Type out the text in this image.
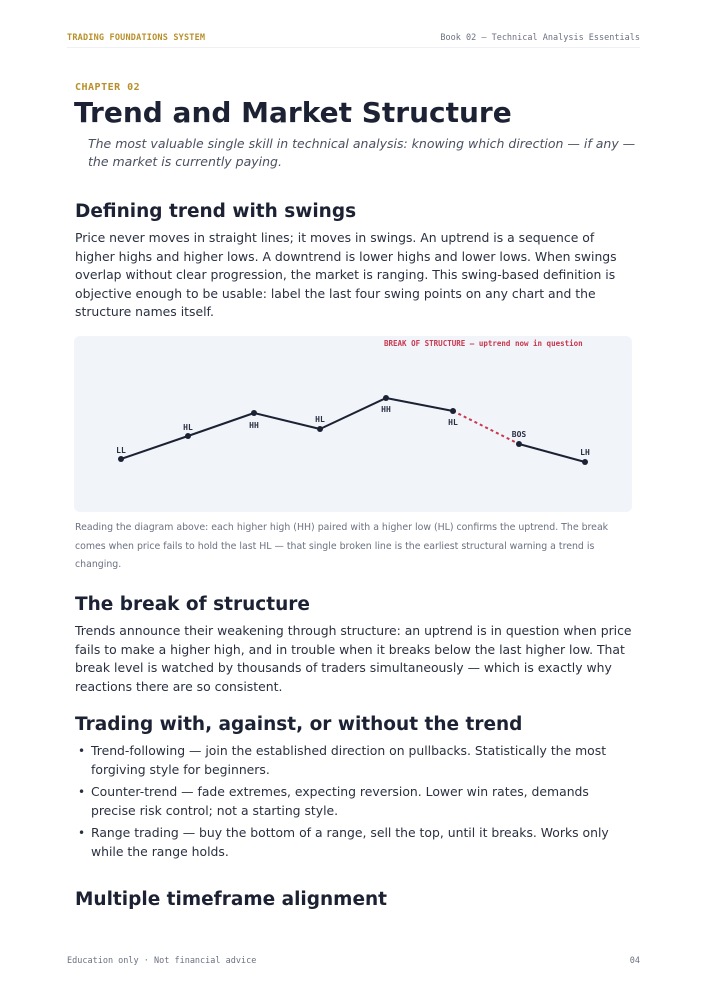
TRADING FOUNDATIONS SYSTEM	Book 02 — Technical Analysis Essentials
CHAPTER 02
Trend and Market Structure

The most valuable single skill in technical analysis: knowing which direction — if any — the market is currently paying.

Defining trend with swings

Price never moves in straight lines; it moves in swings. An uptrend is a sequence of higher highs and higher lows. A downtrend is lower highs and lower lows. When swings overlap without clear progression, the market is ranging. This swing-based definition is objective enough to be usable: label the last four swing points on any chart and the structure names itself.

LL
HL	HH
HL
HH
HL
BOS
LH
BREAK OF STRUCTURE — uptrend now in question

Reading the diagram above: each higher high (HH) paired with a higher low (HL) confirms the uptrend. The break comes when price fails to hold the last HL — that single broken line is the earliest structural warning a trend is changing.

The break of structure

Trends announce their weakening through structure: an uptrend is in question when price fails to make a higher high, and in trouble when it breaks below the last higher low. That break level is watched by thousands of traders simultaneously — which is exactly why reactions there are so consistent.

Trading with, against, or without the trend
• Trend-following — join the established direction on pullbacks. Statistically the most forgiving style for beginners.
• Counter-trend — fade extremes, expecting reversion. Lower win rates, demands precise risk control; not a starting style.
• Range trading — buy the bottom of a range, sell the top, until it breaks. Works only while the range holds.
Multiple timeframe alignment
Education only · Not financial advice	04
